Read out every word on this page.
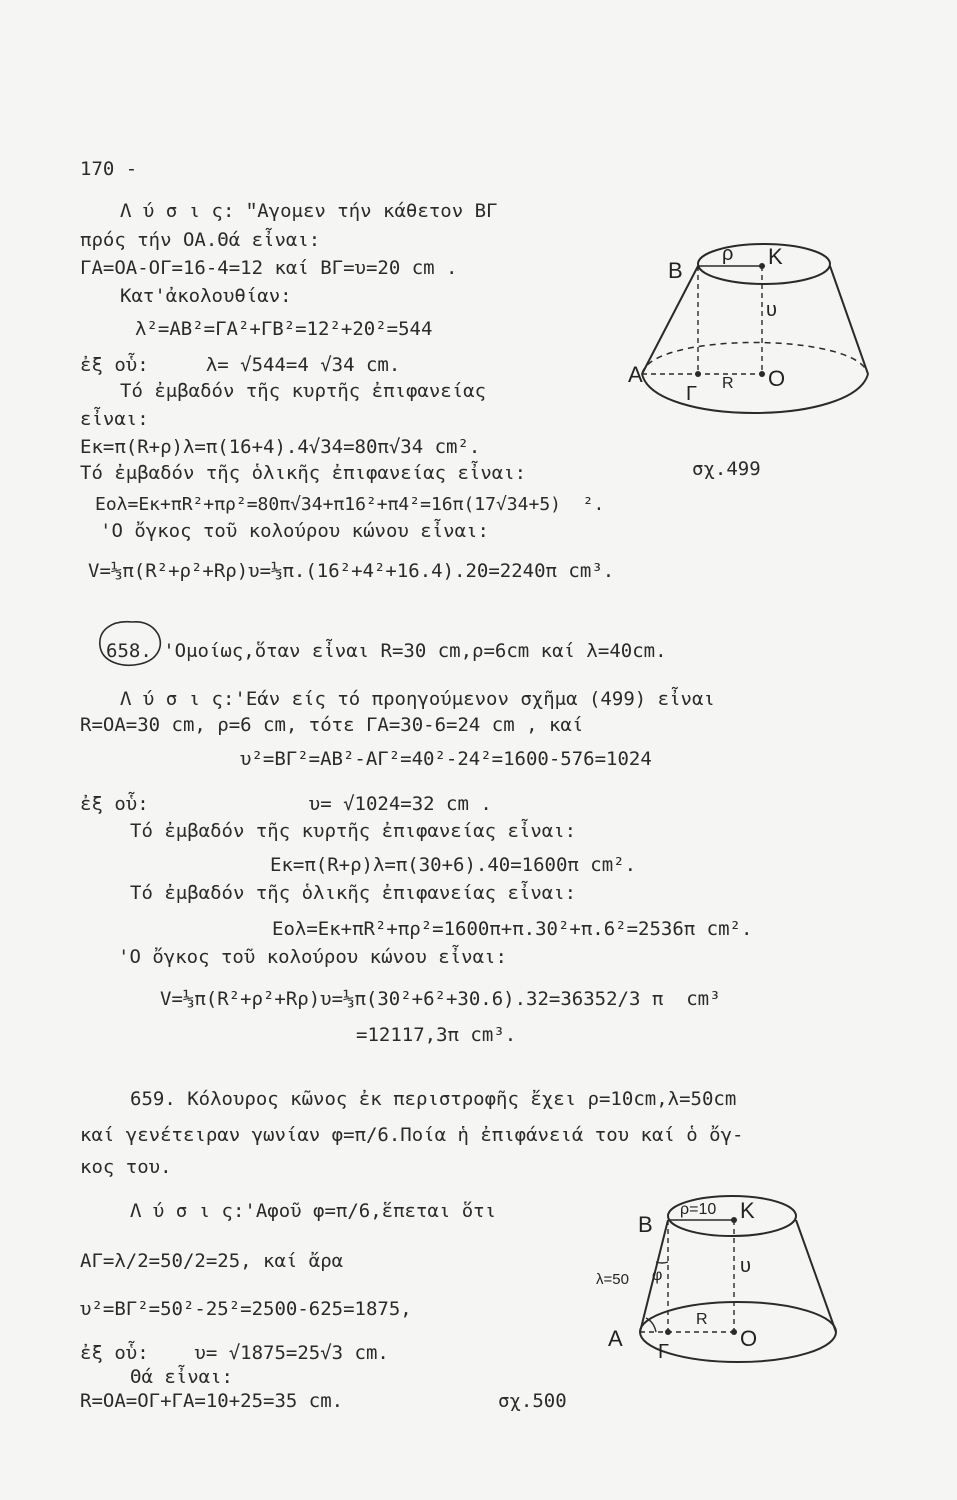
170 -
Λ ύ σ ι ς: ʺΑγομεν τήν κάθετον ΒΓ
πρός τήν ΟΑ.Θά εἶναι:
ΓΑ=ΟΑ-ΟΓ=16-4=12 καί ΒΓ=υ=20 cm .
Κατ'ἀκολουθίαν:
λ²=ΑΒ²=ΓΑ²+ΓΒ²=12²+20²=544
ἐξ οὗ:     λ= √544=4 √34 cm.
Τό ἐμβαδόν τῆς κυρτῆς ἐπιφανείας
εἶναι:
Eκ=π(R+ρ)λ=π(16+4).4√34=80π√34 cm².
Τό ἐμβαδόν τῆς ὁλικῆς ἐπιφανείας εἶναι:
Eολ=Eκ+πR²+πρ²=80π√34+π16²+π4²=16π(17√34+5)  ².
'Ο ὄγκος τοῦ κολούρου κώνου εἶναι:
V=⅓π(R²+ρ²+Rρ)υ=⅓π.(16²+4²+16.4).20=2240π cm³.
658. 'Ομοίως,ὅταν εἶναι R=30 cm,ρ=6cm καί λ=40cm.
Λ ύ σ ι ς:'Εάν είς τό προηγούμενον σχῆμα (499) εἶναι
R=ΟΑ=30 cm, ρ=6 cm, τότε ΓΑ=30-6=24 cm , καί
υ²=ΒΓ²=ΑΒ²-ΑΓ²=40²-24²=1600-576=1024
ἐξ οὗ:              υ= √1024=32 cm .
Τό ἐμβαδόν τῆς κυρτῆς ἐπιφανείας εἶναι:
Eκ=π(R+ρ)λ=π(30+6).40=1600π cm².
Τό ἐμβαδόν τῆς ὁλικῆς ἐπιφανείας εἶναι:
Eολ=Eκ+πR²+πρ²=1600π+π.30²+π.6²=2536π cm².
'Ο ὄγκος τοῦ κολούρου κώνου εἶναι:
V=⅓π(R²+ρ²+Rρ)υ=⅓π(30²+6²+30.6).32=36352/3 π  cm³
=12117,3π cm³.
659. Κόλουρος κῶνος ἐκ περιστροφῆς ἔχει ρ=10cm,λ=50cm
καί γενέτειραν γωνίαν φ=π/6.Ποία ἡ ἐπιφάνειά του καί ὁ ὄγ-
κος του.
Λ ύ σ ι ς:'Αφοῦ φ=π/6,ἕπεται ὅτι
ΑΓ=λ/2=50/2=25, καί ἄρα
υ²=ΒΓ²=50²-25²=2500-625=1875,
ἐξ οὗ:    υ= √1875=25√3 cm.
Θά εἶναι:
R=ΟΑ=ΟΓ+ΓΑ=10+25=35 cm.
B
ρ K
υ
A
Γ R O
σχ.499
B
ρ=10 K
λ=50 φ	υ
A
Γ
R
O
σχ.500
